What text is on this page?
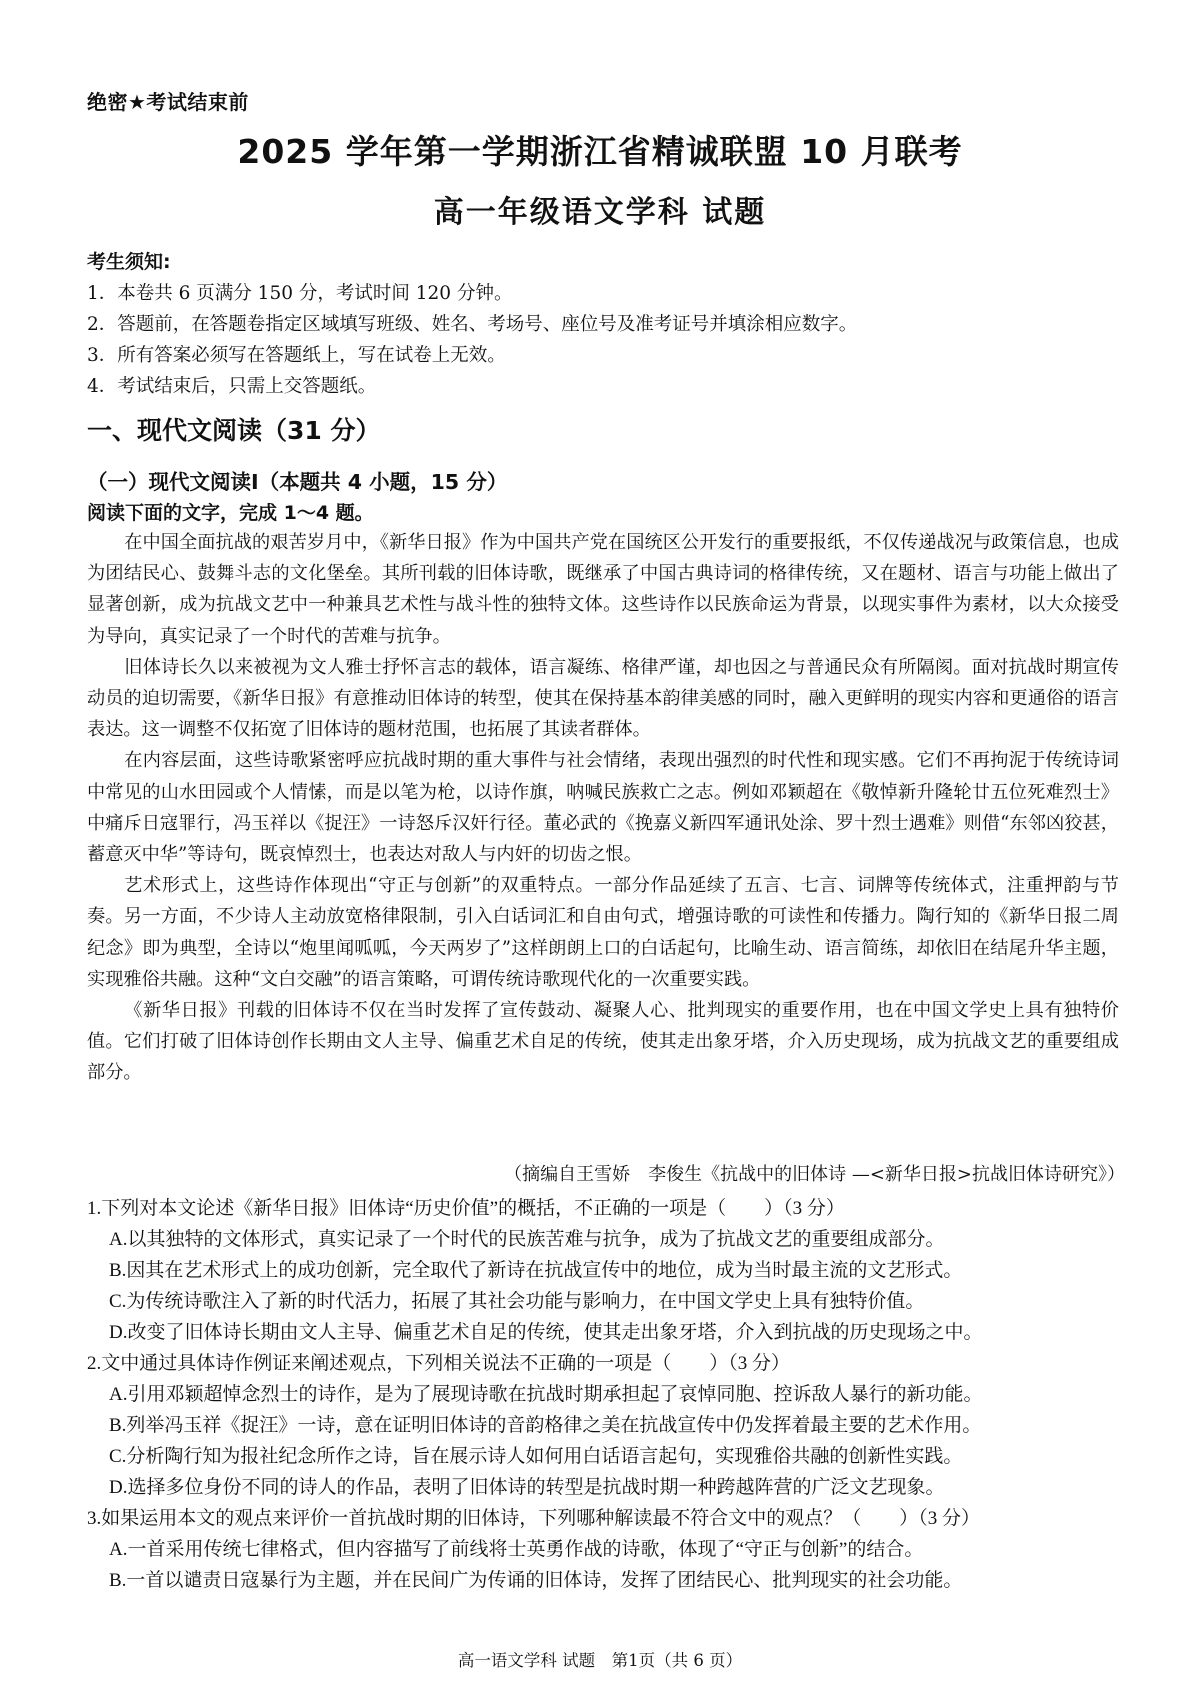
绝密★考试结束前
2025 学年第一学期浙江省精诚联盟 10 月联考
高一年级语文学科 试题
考生须知:
1．本卷共 6 页满分 150 分，考试时间 120 分钟。
2．答题前，在答题卷指定区域填写班级、姓名、考场号、座位号及准考证号并填涂相应数字。
3．所有答案必须写在答题纸上，写在试卷上无效。
4．考试结束后，只需上交答题纸。
一、现代文阅读（31 分）
（一）现代文阅读Ⅰ（本题共 4 小题，15 分）
阅读下面的文字，完成 1～4 题。

在中国全面抗战的艰苦岁月中，《新华日报》作为中国共产党在国统区公开发行的重要报纸，不仅传递战况与政策信息，也成为团结民心、鼓舞斗志的文化堡垒。其所刊载的旧体诗歌，既继承了中国古典诗词的格律传统，又在题材、语言与功能上做出了显著创新，成为抗战文艺中一种兼具艺术性与战斗性的独特文体。这些诗作以民族命运为背景，以现实事件为素材，以大众接受为导向，真实记录了一个时代的苦难与抗争。

旧体诗长久以来被视为文人雅士抒怀言志的载体，语言凝练、格律严谨，却也因之与普通民众有所隔阂。面对抗战时期宣传动员的迫切需要，《新华日报》有意推动旧体诗的转型，使其在保持基本韵律美感的同时，融入更鲜明的现实内容和更通俗的语言表达。这一调整不仅拓宽了旧体诗的题材范围，也拓展了其读者群体。

在内容层面，这些诗歌紧密呼应抗战时期的重大事件与社会情绪，表现出强烈的时代性和现实感。它们不再拘泥于传统诗词中常见的山水田园或个人情愫，而是以笔为枪，以诗作旗，呐喊民族救亡之志。例如邓颖超在《敬悼新升隆轮廿五位死难烈士》中痛斥日寇罪行，冯玉祥以《捉汪》一诗怒斥汉奸行径。董必武的《挽嘉义新四军通讯处涂、罗十烈士遇难》则借“东邻凶狡甚，蓄意灭中华”等诗句，既哀悼烈士，也表达对敌人与内奸的切齿之恨。

艺术形式上，这些诗作体现出“守正与创新”的双重特点。一部分作品延续了五言、七言、词牌等传统体式，注重押韵与节奏。另一方面，不少诗人主动放宽格律限制，引入白话词汇和自由句式，增强诗歌的可读性和传播力。陶行知的《新华日报二周纪念》即为典型，全诗以“炮里闻呱呱，今天两岁了”这样朗朗上口的白话起句，比喻生动、语言简练，却依旧在结尾升华主题，实现雅俗共融。这种“文白交融”的语言策略，可谓传统诗歌现代化的一次重要实践。

《新华日报》刊载的旧体诗不仅在当时发挥了宣传鼓动、凝聚人心、批判现实的重要作用，也在中国文学史上具有独特价值。它们打破了旧体诗创作长期由文人主导、偏重艺术自足的传统，使其走出象牙塔，介入历史现场，成为抗战文艺的重要组成部分。

（摘编自王雪娇　李俊生《抗战中的旧体诗 —<新华日报>抗战旧体诗研究》）
1.下列对本文论述《新华日报》旧体诗“历史价值”的概括，不正确的一项是（　　）（3 分）
A.以其独特的文体形式，真实记录了一个时代的民族苦难与抗争，成为了抗战文艺的重要组成部分。
B.因其在艺术形式上的成功创新，完全取代了新诗在抗战宣传中的地位，成为当时最主流的文艺形式。
C.为传统诗歌注入了新的时代活力，拓展了其社会功能与影响力，在中国文学史上具有独特价值。
D.改变了旧体诗长期由文人主导、偏重艺术自足的传统，使其走出象牙塔，介入到抗战的历史现场之中。
2.文中通过具体诗作例证来阐述观点，下列相关说法不正确的一项是（　　）（3 分）
A.引用邓颖超悼念烈士的诗作，是为了展现诗歌在抗战时期承担起了哀悼同胞、控诉敌人暴行的新功能。
B.列举冯玉祥《捉汪》一诗，意在证明旧体诗的音韵格律之美在抗战宣传中仍发挥着最主要的艺术作用。
C.分析陶行知为报社纪念所作之诗，旨在展示诗人如何用白话语言起句，实现雅俗共融的创新性实践。
D.选择多位身份不同的诗人的作品，表明了旧体诗的转型是抗战时期一种跨越阵营的广泛文艺现象。
3.如果运用本文的观点来评价一首抗战时期的旧体诗，下列哪种解读最不符合文中的观点？（　　）（3 分）
A.一首采用传统七律格式，但内容描写了前线将士英勇作战的诗歌，体现了“守正与创新”的结合。
B.一首以谴责日寇暴行为主题，并在民间广为传诵的旧体诗，发挥了团结民心、批判现实的社会功能。
高一语文学科 试题　第1页（共 6 页）
